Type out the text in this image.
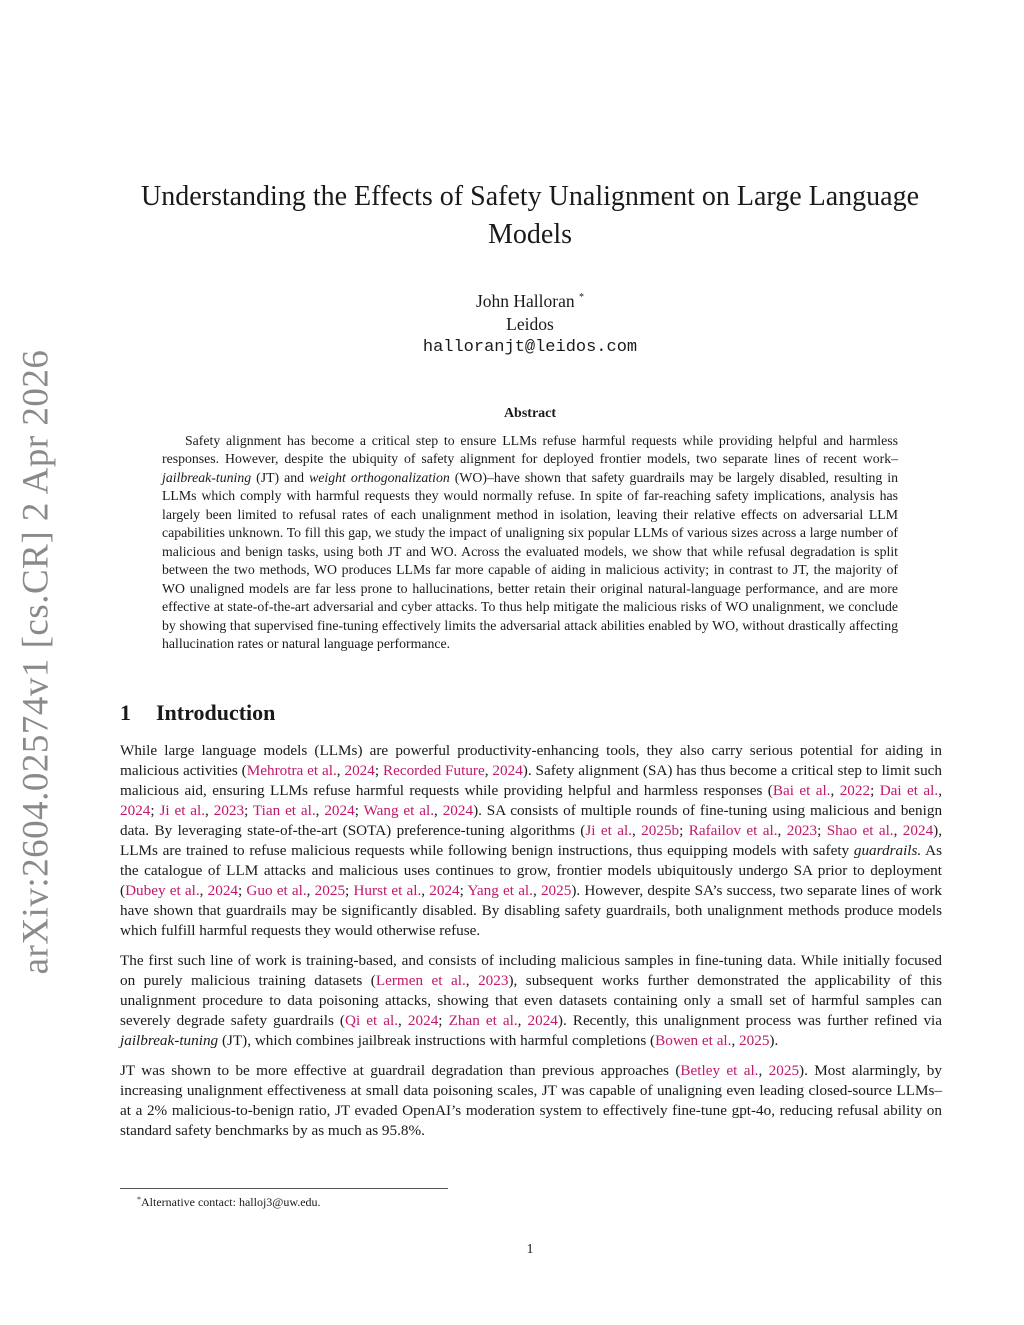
arXiv:2604.02574v1 [cs.CR] 2 Apr 2026
Understanding the Effects of Safety Unalignment on Large Language Models
John Halloran *
Leidos
halloranjt@leidos.com
Abstract

Safety alignment has become a critical step to ensure LLMs refuse harmful requests while providing helpful and harmless responses. However, despite the ubiquity of safety alignment for deployed frontier models, two separate lines of recent work–jailbreak-tuning (JT) and weight orthogonalization (WO)–have shown that safety guardrails may be largely disabled, resulting in LLMs which comply with harmful requests they would normally refuse. In spite of far-reaching safety implications, analysis has largely been limited to refusal rates of each unalignment method in isolation, leaving their relative effects on adversarial LLM capabilities unknown. To fill this gap, we study the impact of unaligning six popular LLMs of various sizes across a large number of malicious and benign tasks, using both JT and WO. Across the evaluated models, we show that while refusal degradation is split between the two methods, WO produces LLMs far more capable of aiding in malicious activity; in contrast to JT, the majority of WO unaligned models are far less prone to hallucinations, better retain their original natural-language performance, and are more effective at state-of-the-art adversarial and cyber attacks. To thus help mitigate the malicious risks of WO unalignment, we conclude by showing that supervised fine-tuning effectively limits the adversarial attack abilities enabled by WO, without drastically affecting hallucination rates or natural language performance.

1 Introduction

While large language models (LLMs) are powerful productivity-enhancing tools, they also carry serious potential for aiding in malicious activities (Mehrotra et al., 2024; Recorded Future, 2024). Safety alignment (SA) has thus become a critical step to limit such malicious aid, ensuring LLMs refuse harmful requests while providing helpful and harmless responses (Bai et al., 2022; Dai et al., 2024; Ji et al., 2023; Tian et al., 2024; Wang et al., 2024). SA consists of multiple rounds of fine-tuning using malicious and benign data. By leveraging state-of-the-art (SOTA) preference-tuning algorithms (Ji et al., 2025b; Rafailov et al., 2023; Shao et al., 2024), LLMs are trained to refuse malicious requests while following benign instructions, thus equipping models with safety guardrails. As the catalogue of LLM attacks and malicious uses continues to grow, frontier models ubiquitously undergo SA prior to deployment (Dubey et al., 2024; Guo et al., 2025; Hurst et al., 2024; Yang et al., 2025). However, despite SA’s success, two separate lines of work have shown that guardrails may be significantly disabled. By disabling safety guardrails, both unalignment methods produce models which fulfill harmful requests they would otherwise refuse.

The first such line of work is training-based, and consists of including malicious samples in fine-tuning data. While initially focused on purely malicious training datasets (Lermen et al., 2023), subsequent works further demonstrated the applicability of this unalignment procedure to data poisoning attacks, showing that even datasets containing only a small set of harmful samples can severely degrade safety guardrails (Qi et al., 2024; Zhan et al., 2024). Recently, this unalignment process was further refined via jailbreak-tuning (JT), which combines jailbreak instructions with harmful completions (Bowen et al., 2025).

JT was shown to be more effective at guardrail degradation than previous approaches (Betley et al., 2025). Most alarmingly, by increasing unalignment effectiveness at small data poisoning scales, JT was capable of unaligning even leading closed-source LLMs–at a 2% malicious-to-benign ratio, JT evaded OpenAI’s moderation system to effectively fine-tune gpt-4o, reducing refusal ability on standard safety benchmarks by as much as 95.8%.

*Alternative contact: halloj3@uw.edu.
1
